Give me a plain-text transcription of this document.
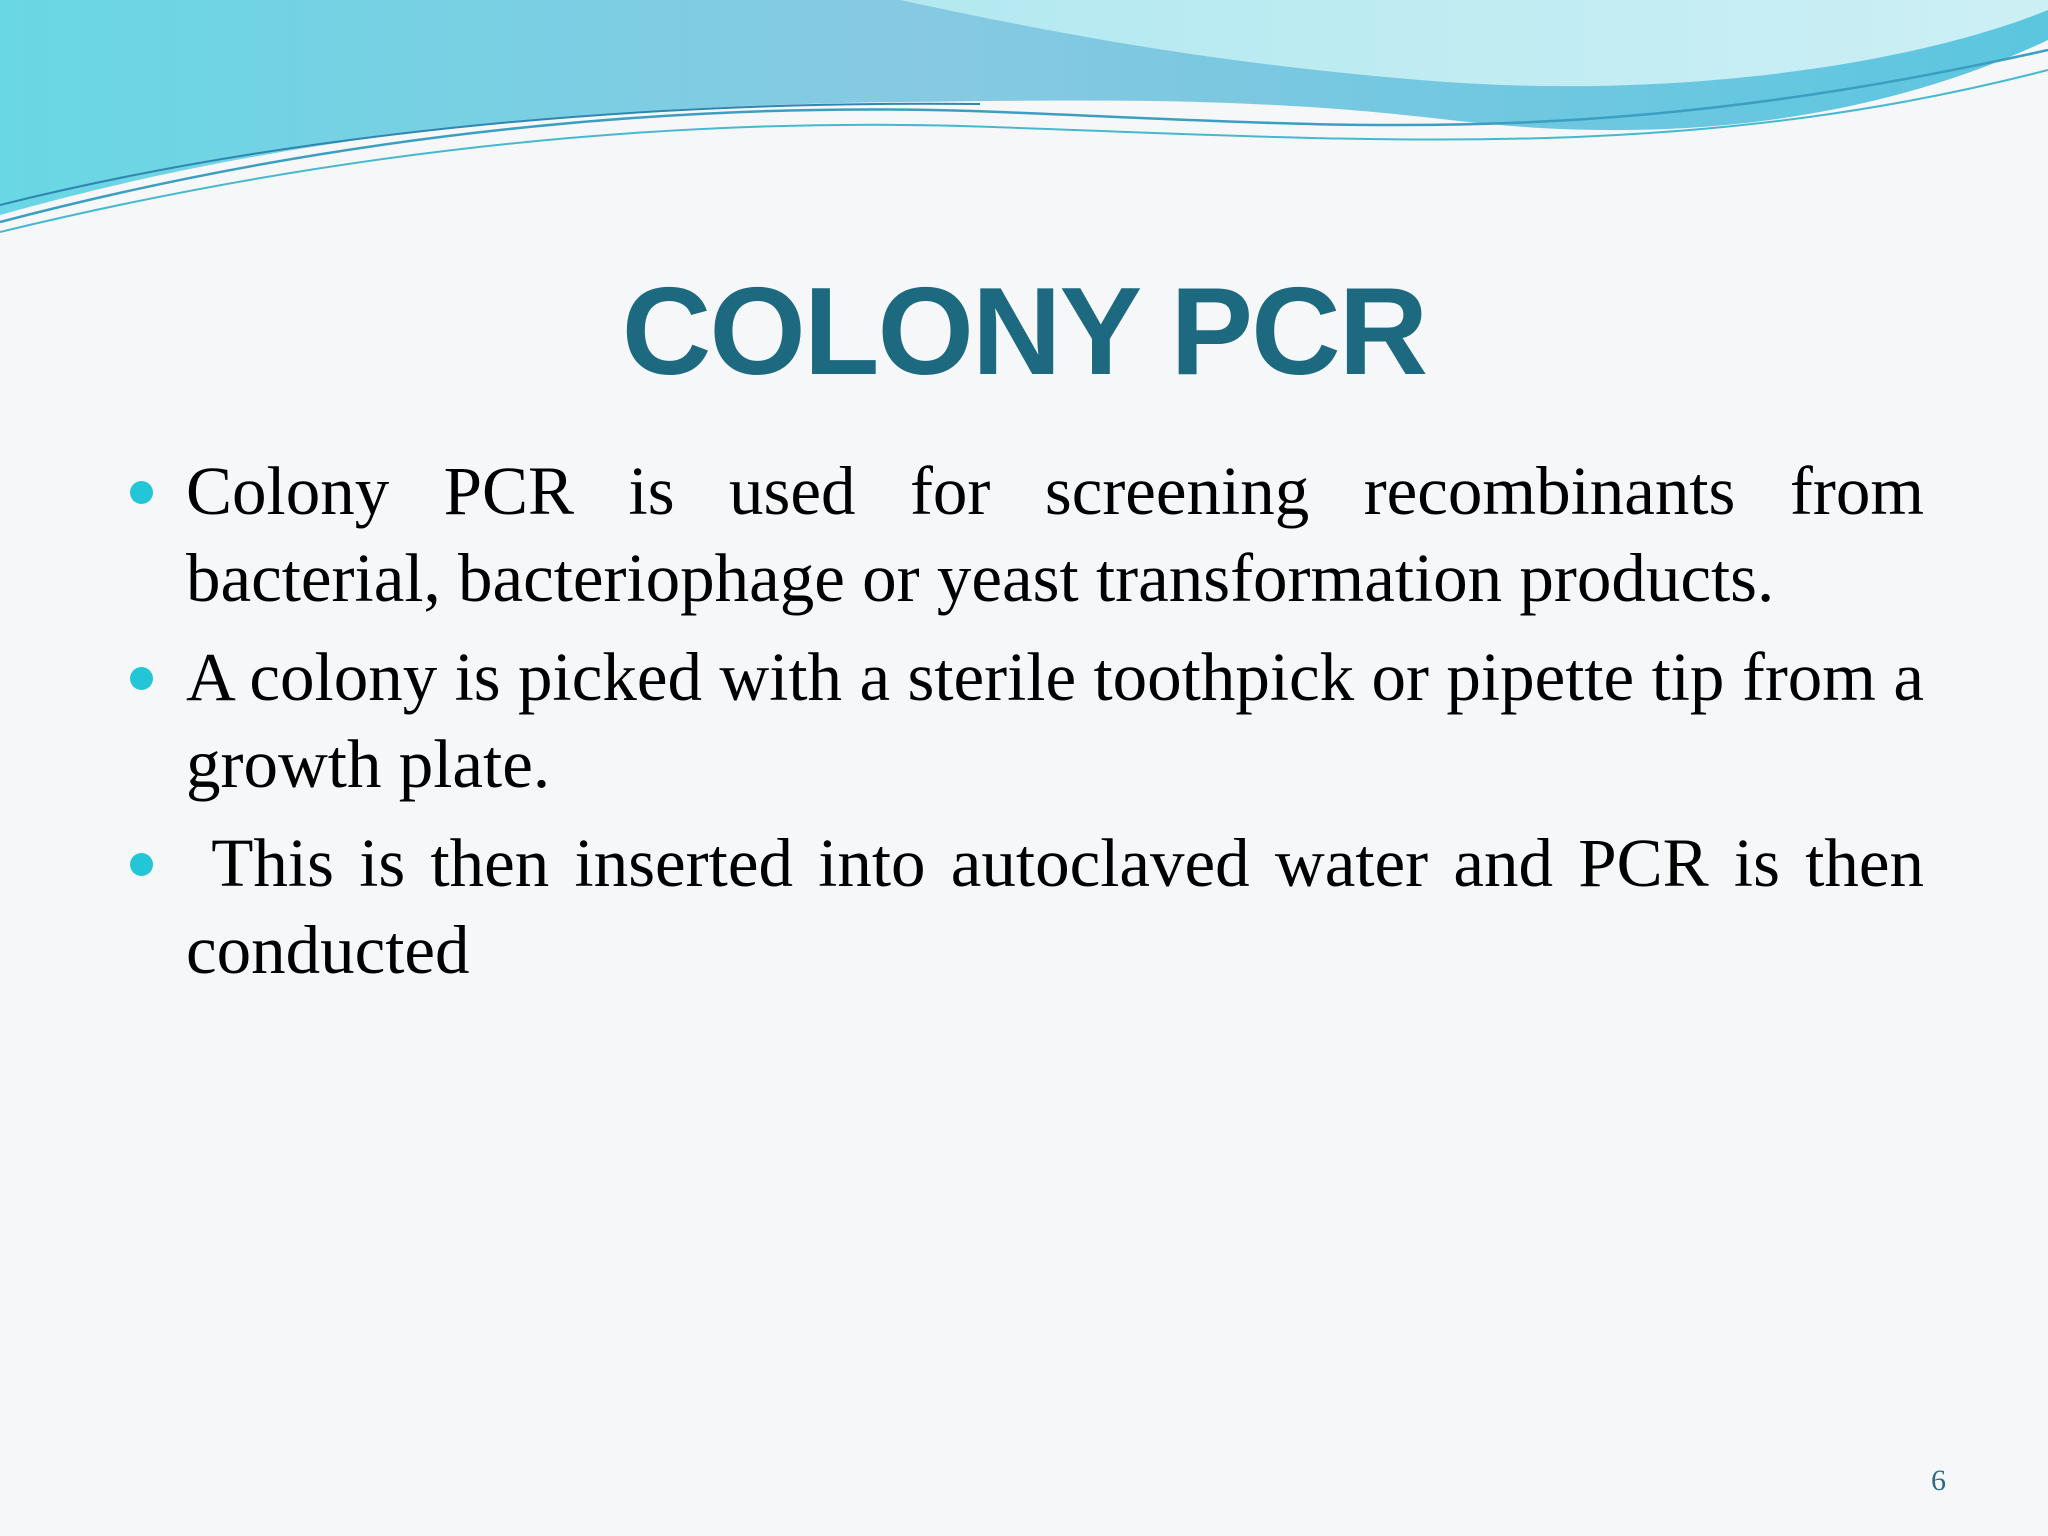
COLONY PCR
Colony PCR is used for screening recombinants from bacterial, bacteriophage or yeast transformation products.
A colony is picked with a sterile toothpick or pipette tip from a growth plate.
This is then inserted into autoclaved water and PCR is then conducted
6
